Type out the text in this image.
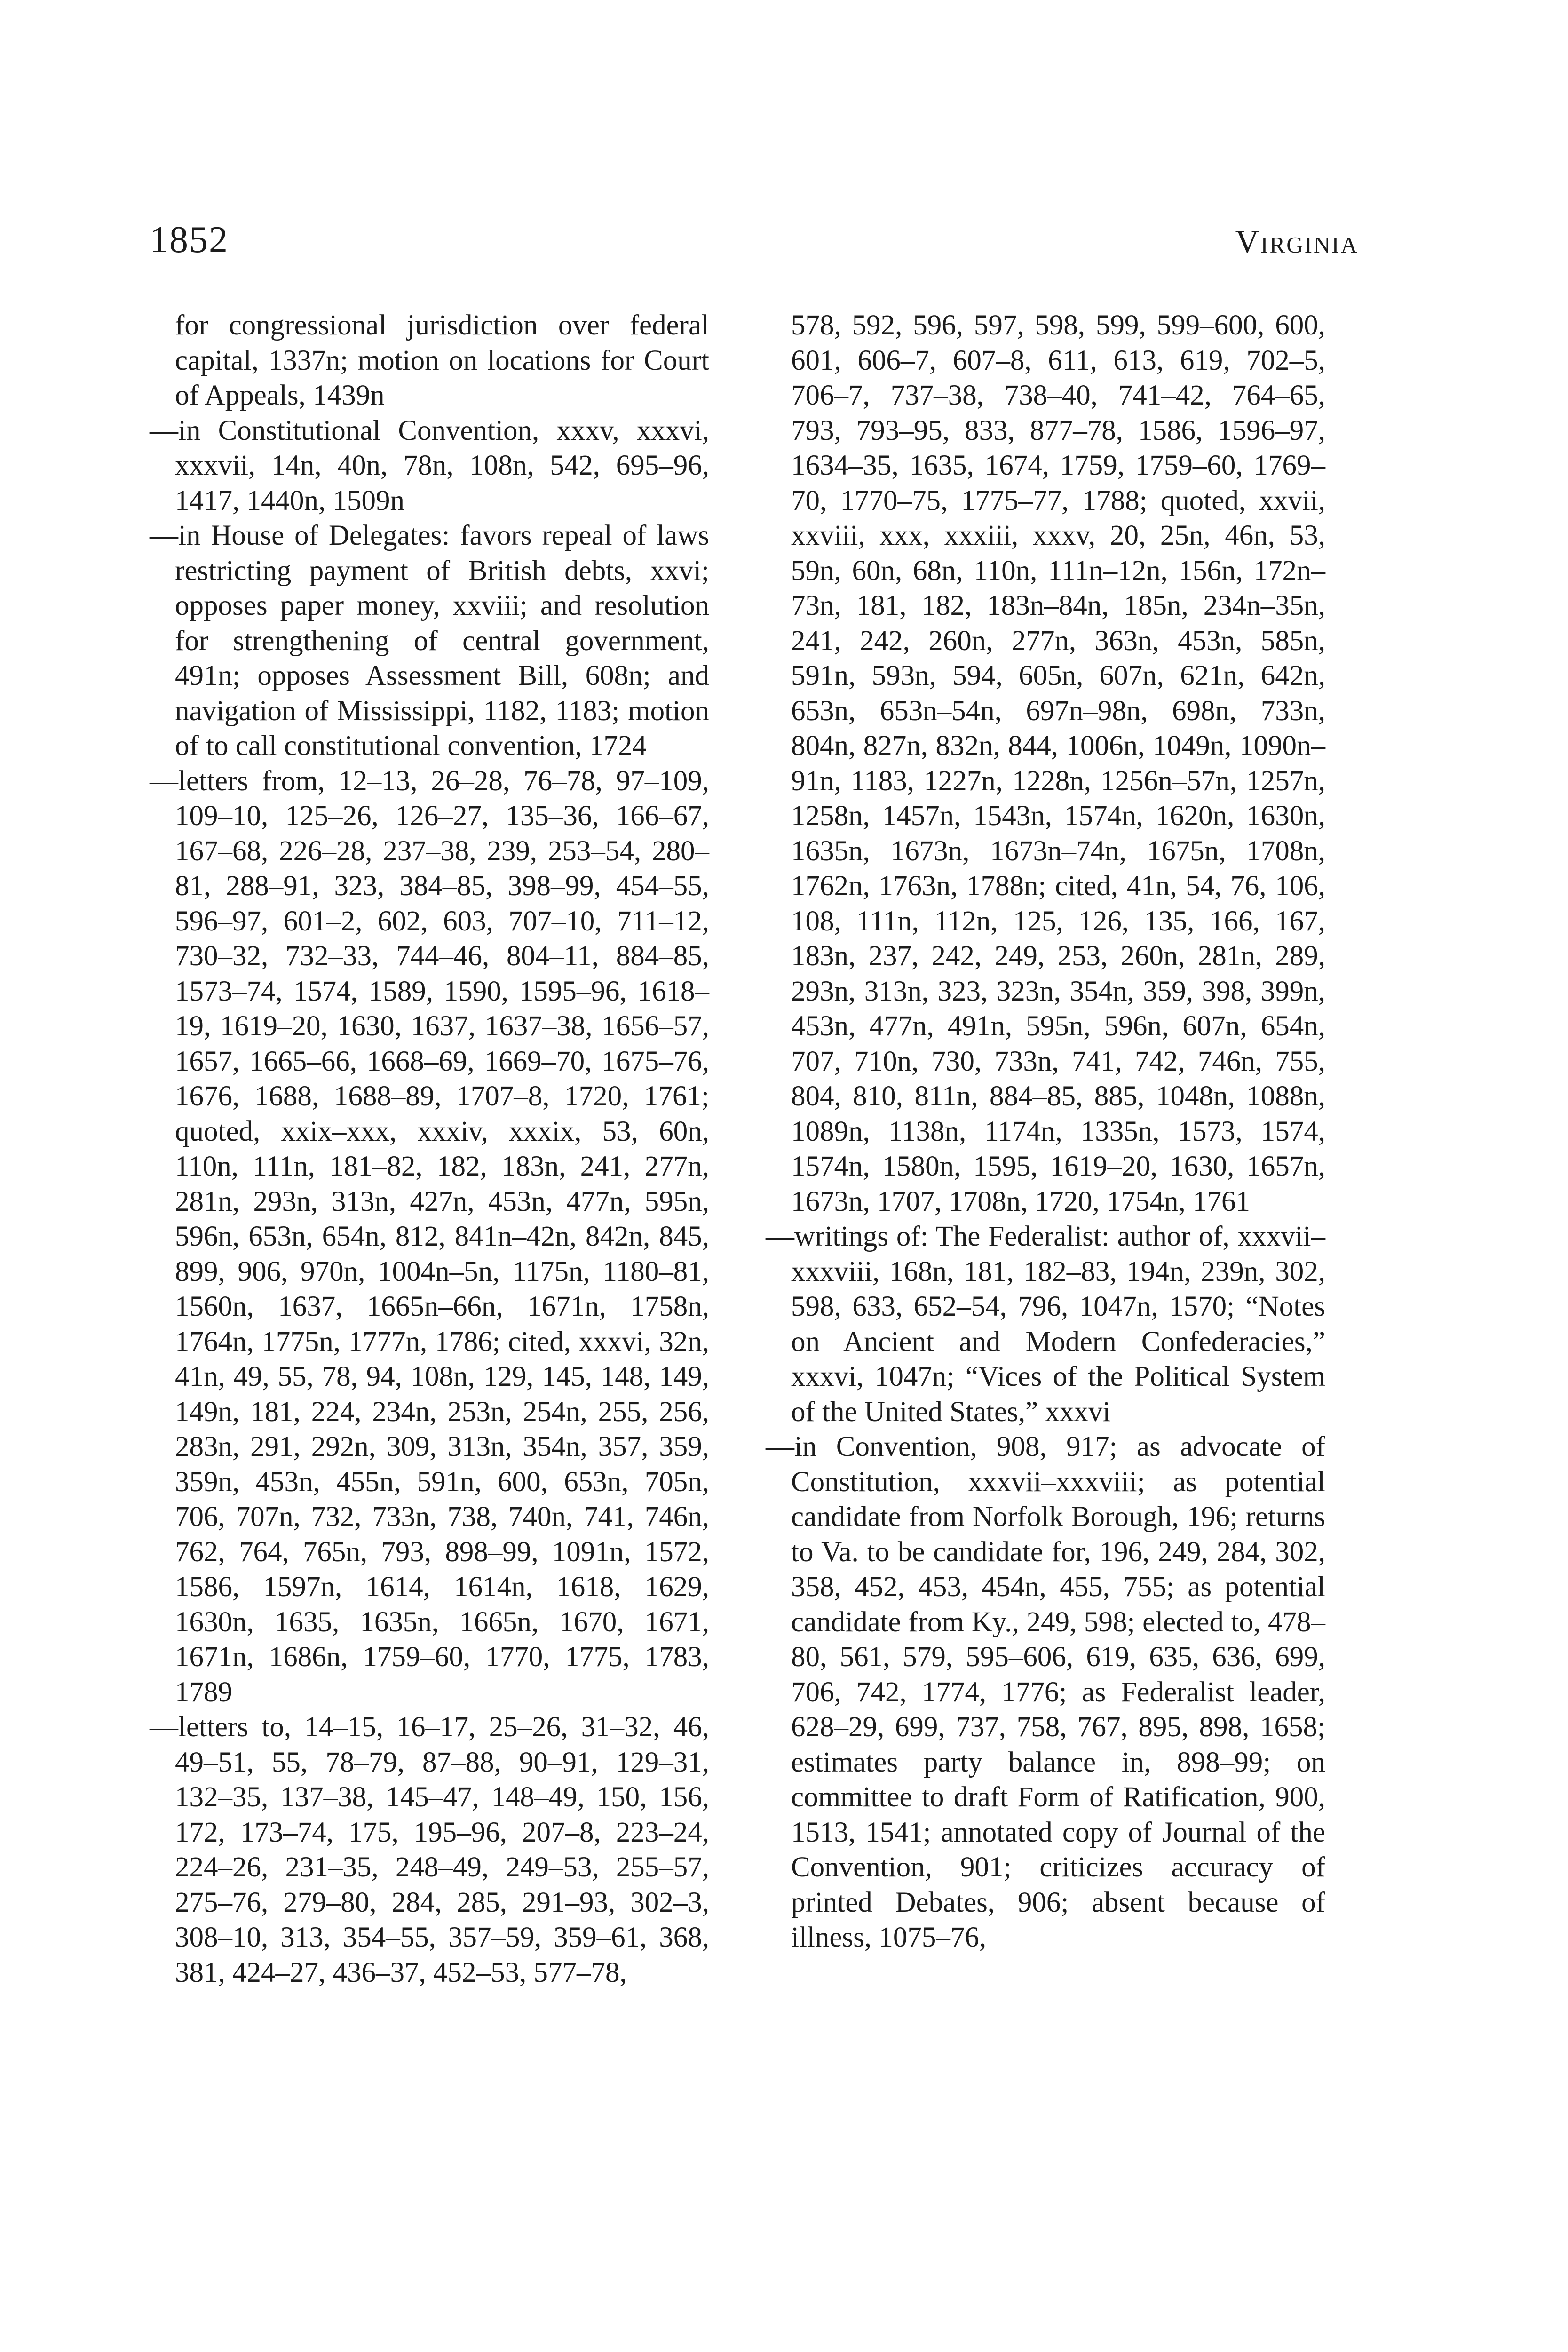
1852	Virginia

for congressional jurisdiction over federal capital, 1337n; motion on locations for Court of Appeals, 1439n

—in Constitutional Convention, xxxv, xxxvi, xxxvii, 14n, 40n, 78n, 108n, 542, 695–96, 1417, 1440n, 1509n

—in House of Delegates: favors repeal of laws restricting payment of British debts, xxvi; opposes paper money, xxviii; and resolution for strengthening of central government, 491n; opposes Assessment Bill, 608n; and navigation of Mississippi, 1182, 1183; motion of to call constitutional convention, 1724

—letters from, 12–13, 26–28, 76–78, 97–109, 109–10, 125–26, 126–27, 135–36, 166–67, 167–68, 226–28, 237–38, 239, 253–54, 280–81, 288–91, 323, 384–85, 398–99, 454–55, 596–97, 601–2, 602, 603, 707–10, 711–12, 730–32, 732–33, 744–46, 804–11, 884–85, 1573–74, 1574, 1589, 1590, 1595–96, 1618–19, 1619–20, 1630, 1637, 1637–38, 1656–57, 1657, 1665–66, 1668–69, 1669–70, 1675–76, 1676, 1688, 1688–89, 1707–8, 1720, 1761; quoted, xxix–xxx, xxxiv, xxxix, 53, 60n, 110n, 111n, 181–82, 182, 183n, 241, 277n, 281n, 293n, 313n, 427n, 453n, 477n, 595n, 596n, 653n, 654n, 812, 841n–42n, 842n, 845, 899, 906, 970n, 1004n–5n, 1175n, 1180–81, 1560n, 1637, 1665n–66n, 1671n, 1758n, 1764n, 1775n, 1777n, 1786; cited, xxxvi, 32n, 41n, 49, 55, 78, 94, 108n, 129, 145, 148, 149, 149n, 181, 224, 234n, 253n, 254n, 255, 256, 283n, 291, 292n, 309, 313n, 354n, 357, 359, 359n, 453n, 455n, 591n, 600, 653n, 705n, 706, 707n, 732, 733n, 738, 740n, 741, 746n, 762, 764, 765n, 793, 898–99, 1091n, 1572, 1586, 1597n, 1614, 1614n, 1618, 1629, 1630n, 1635, 1635n, 1665n, 1670, 1671, 1671n, 1686n, 1759–60, 1770, 1775, 1783, 1789

—letters to, 14–15, 16–17, 25–26, 31–32, 46, 49–51, 55, 78–79, 87–88, 90–91, 129–31, 132–35, 137–38, 145–47, 148–49, 150, 156, 172, 173–74, 175, 195–96, 207–8, 223–24, 224–26, 231–35, 248–49, 249–53, 255–57, 275–76, 279–80, 284, 285, 291–93, 302–3, 308–10, 313, 354–55, 357–59, 359–61, 368, 381, 424–27, 436–37, 452–53, 577–78,

578, 592, 596, 597, 598, 599, 599–600, 600, 601, 606–7, 607–8, 611, 613, 619, 702–5, 706–7, 737–38, 738–40, 741–42, 764–65, 793, 793–95, 833, 877–78, 1586, 1596–97, 1634–35, 1635, 1674, 1759, 1759–60, 1769–70, 1770–75, 1775–77, 1788; quoted, xxvii, xxviii, xxx, xxxiii, xxxv, 20, 25n, 46n, 53, 59n, 60n, 68n, 110n, 111n–12n, 156n, 172n–73n, 181, 182, 183n–84n, 185n, 234n–35n, 241, 242, 260n, 277n, 363n, 453n, 585n, 591n, 593n, 594, 605n, 607n, 621n, 642n, 653n, 653n–54n, 697n–98n, 698n, 733n, 804n, 827n, 832n, 844, 1006n, 1049n, 1090n–91n, 1183, 1227n, 1228n, 1256n–57n, 1257n, 1258n, 1457n, 1543n, 1574n, 1620n, 1630n, 1635n, 1673n, 1673n–74n, 1675n, 1708n, 1762n, 1763n, 1788n; cited, 41n, 54, 76, 106, 108, 111n, 112n, 125, 126, 135, 166, 167, 183n, 237, 242, 249, 253, 260n, 281n, 289, 293n, 313n, 323, 323n, 354n, 359, 398, 399n, 453n, 477n, 491n, 595n, 596n, 607n, 654n, 707, 710n, 730, 733n, 741, 742, 746n, 755, 804, 810, 811n, 884–85, 885, 1048n, 1088n, 1089n, 1138n, 1174n, 1335n, 1573, 1574, 1574n, 1580n, 1595, 1619–20, 1630, 1657n, 1673n, 1707, 1708n, 1720, 1754n, 1761

—writings of: The Federalist: author of, xxxvii–xxxviii, 168n, 181, 182–83, 194n, 239n, 302, 598, 633, 652–54, 796, 1047n, 1570; “Notes on Ancient and Modern Confederacies,” xxxvi, 1047n; “Vices of the Political System of the United States,” xxxvi

—in Convention, 908, 917; as advocate of Constitution, xxxvii–xxxviii; as potential candidate from Norfolk Borough, 196; returns to Va. to be candidate for, 196, 249, 284, 302, 358, 452, 453, 454n, 455, 755; as potential candidate from Ky., 249, 598; elected to, 478–80, 561, 579, 595–606, 619, 635, 636, 699, 706, 742, 1774, 1776; as Federalist leader, 628–29, 699, 737, 758, 767, 895, 898, 1658; estimates party balance in, 898–99; on committee to draft Form of Ratification, 900, 1513, 1541; annotated copy of Journal of the Convention, 901; criticizes accuracy of printed Debates, 906; absent because of illness, 1075–76,
